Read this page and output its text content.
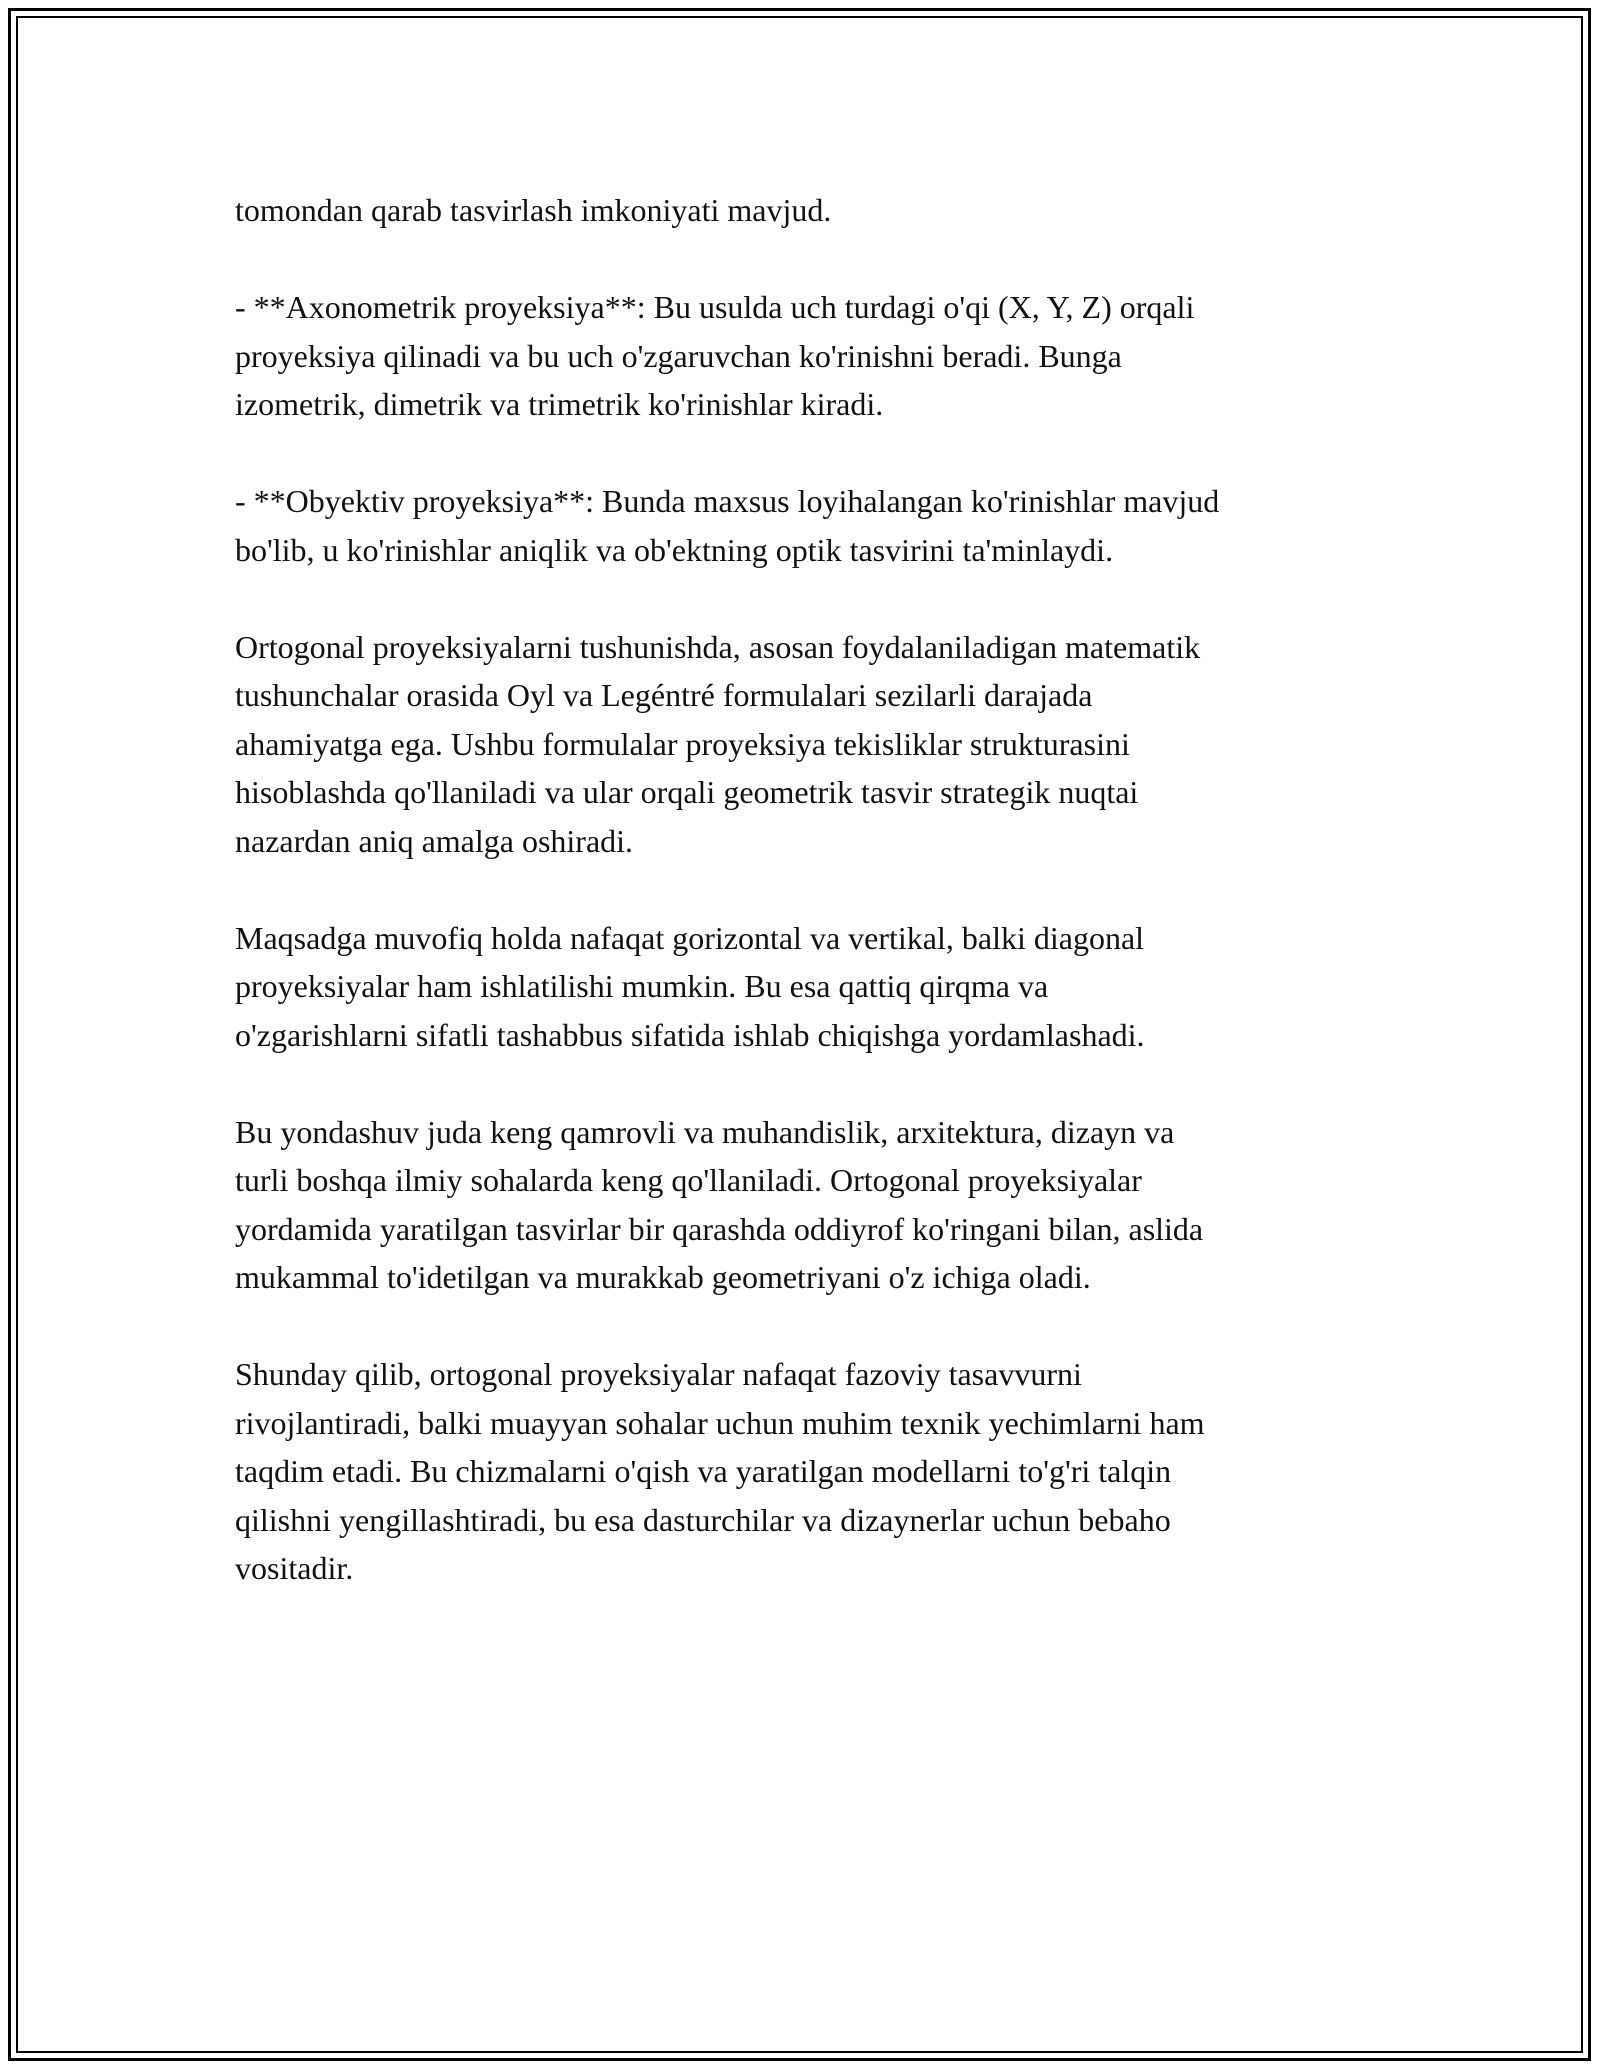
tomondan qarab tasvirlash imkoniyati mavjud.

- **Axonometrik proyeksiya**: Bu usulda uch turdagi o'qi (X, Y, Z) orqali
proyeksiya qilinadi va bu uch o'zgaruvchan ko'rinishni beradi. Bunga
izometrik, dimetrik va trimetrik ko'rinishlar kiradi.

- **Obyektiv proyeksiya**: Bunda maxsus loyihalangan ko'rinishlar mavjud
bo'lib, u ko'rinishlar aniqlik va ob'ektning optik tasvirini ta'minlaydi.

Ortogonal proyeksiyalarni tushunishda, asosan foydalaniladigan matematik
tushunchalar orasida Oyl va Legéntré formulalari sezilarli darajada
ahamiyatga ega. Ushbu formulalar proyeksiya tekisliklar strukturasini
hisoblashda qo'llaniladi va ular orqali geometrik tasvir strategik nuqtai
nazardan aniq amalga oshiradi.

Maqsadga muvofiq holda nafaqat gorizontal va vertikal, balki diagonal
proyeksiyalar ham ishlatilishi mumkin. Bu esa qattiq qirqma va
o'zgarishlarni sifatli tashabbus sifatida ishlab chiqishga yordamlashadi.

Bu yondashuv juda keng qamrovli va muhandislik, arxitektura, dizayn va
turli boshqa ilmiy sohalarda keng qo'llaniladi. Ortogonal proyeksiyalar
yordamida yaratilgan tasvirlar bir qarashda oddiyrof ko'ringani bilan, aslida
mukammal to'idetilgan va murakkab geometriyani o'z ichiga oladi.

Shunday qilib, ortogonal proyeksiyalar nafaqat fazoviy tasavvurni
rivojlantiradi, balki muayyan sohalar uchun muhim texnik yechimlarni ham
taqdim etadi. Bu chizmalarni o'qish va yaratilgan modellarni to'g'ri talqin
qilishni yengillashtiradi, bu esa dasturchilar va dizaynerlar uchun bebaho
vositadir.
